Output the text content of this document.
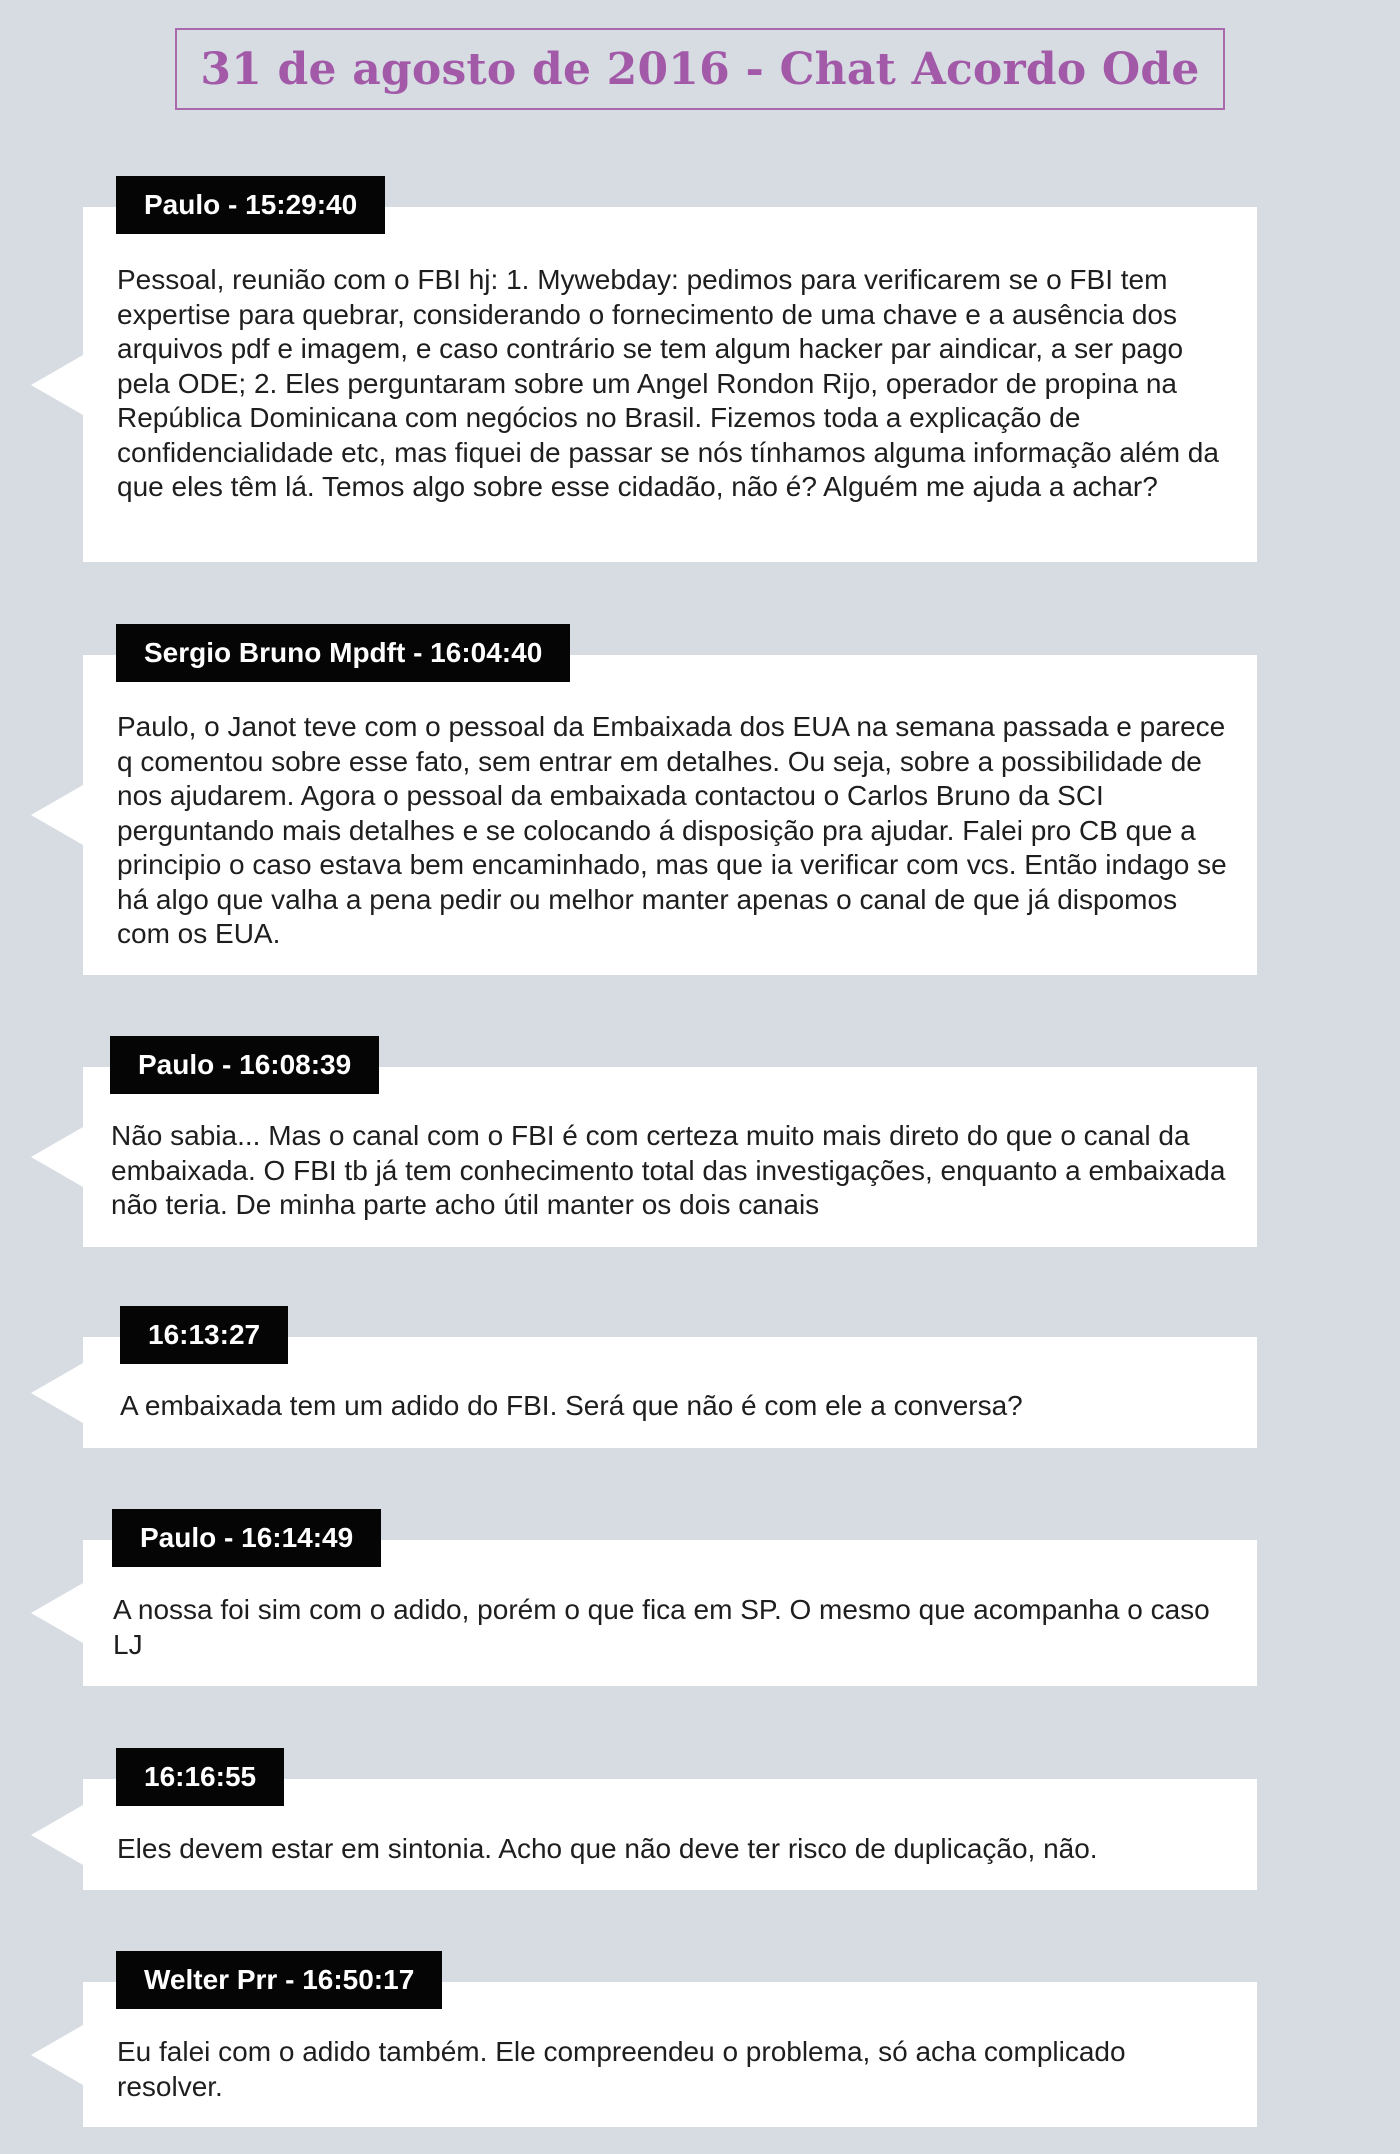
31 de agosto de 2016 - Chat Acordo Ode
Paulo - 15:29:40
Pessoal, reunião com o FBI hj: 1. Mywebday: pedimos para verificarem se o FBI tem expertise para quebrar, considerando o fornecimento de uma chave e a ausência dos arquivos pdf e imagem, e caso contrário se tem algum hacker par aindicar, a ser pago pela ODE; 2. Eles perguntaram sobre um Angel Rondon Rijo, operador de propina na República Dominicana com negócios no Brasil. Fizemos toda a explicação de confidencialidade etc, mas fiquei de passar se nós tínhamos alguma informação além da que eles têm lá. Temos algo sobre esse cidadão, não é? Alguém me ajuda a achar?
Sergio Bruno Mpdft - 16:04:40
Paulo, o Janot teve com o pessoal da Embaixada dos EUA na semana passada e parece q comentou sobre esse fato, sem entrar em detalhes. Ou seja, sobre a possibilidade de nos ajudarem. Agora o pessoal da embaixada contactou o Carlos Bruno da SCI perguntando mais detalhes e se colocando á disposição pra ajudar. Falei pro CB que a principio o caso estava bem encaminhado, mas que ia verificar com vcs. Então indago se há algo que valha a pena pedir ou melhor manter apenas o canal de que já dispomos com os EUA.
Paulo - 16:08:39
Não sabia... Mas o canal com o FBI é com certeza muito mais direto do que o canal da embaixada. O FBI tb já tem conhecimento total das investigações, enquanto a embaixada não teria. De minha parte acho útil manter os dois canais
16:13:27
A embaixada tem um adido do FBI. Será que não é com ele a conversa?
Paulo - 16:14:49
A nossa foi sim com o adido, porém o que fica em SP. O mesmo que acompanha o caso LJ
16:16:55
Eles devem estar em sintonia. Acho que não deve ter risco de duplicação, não.
Welter Prr - 16:50:17
Eu falei com o adido também. Ele compreendeu o problema, só acha complicado resolver.
